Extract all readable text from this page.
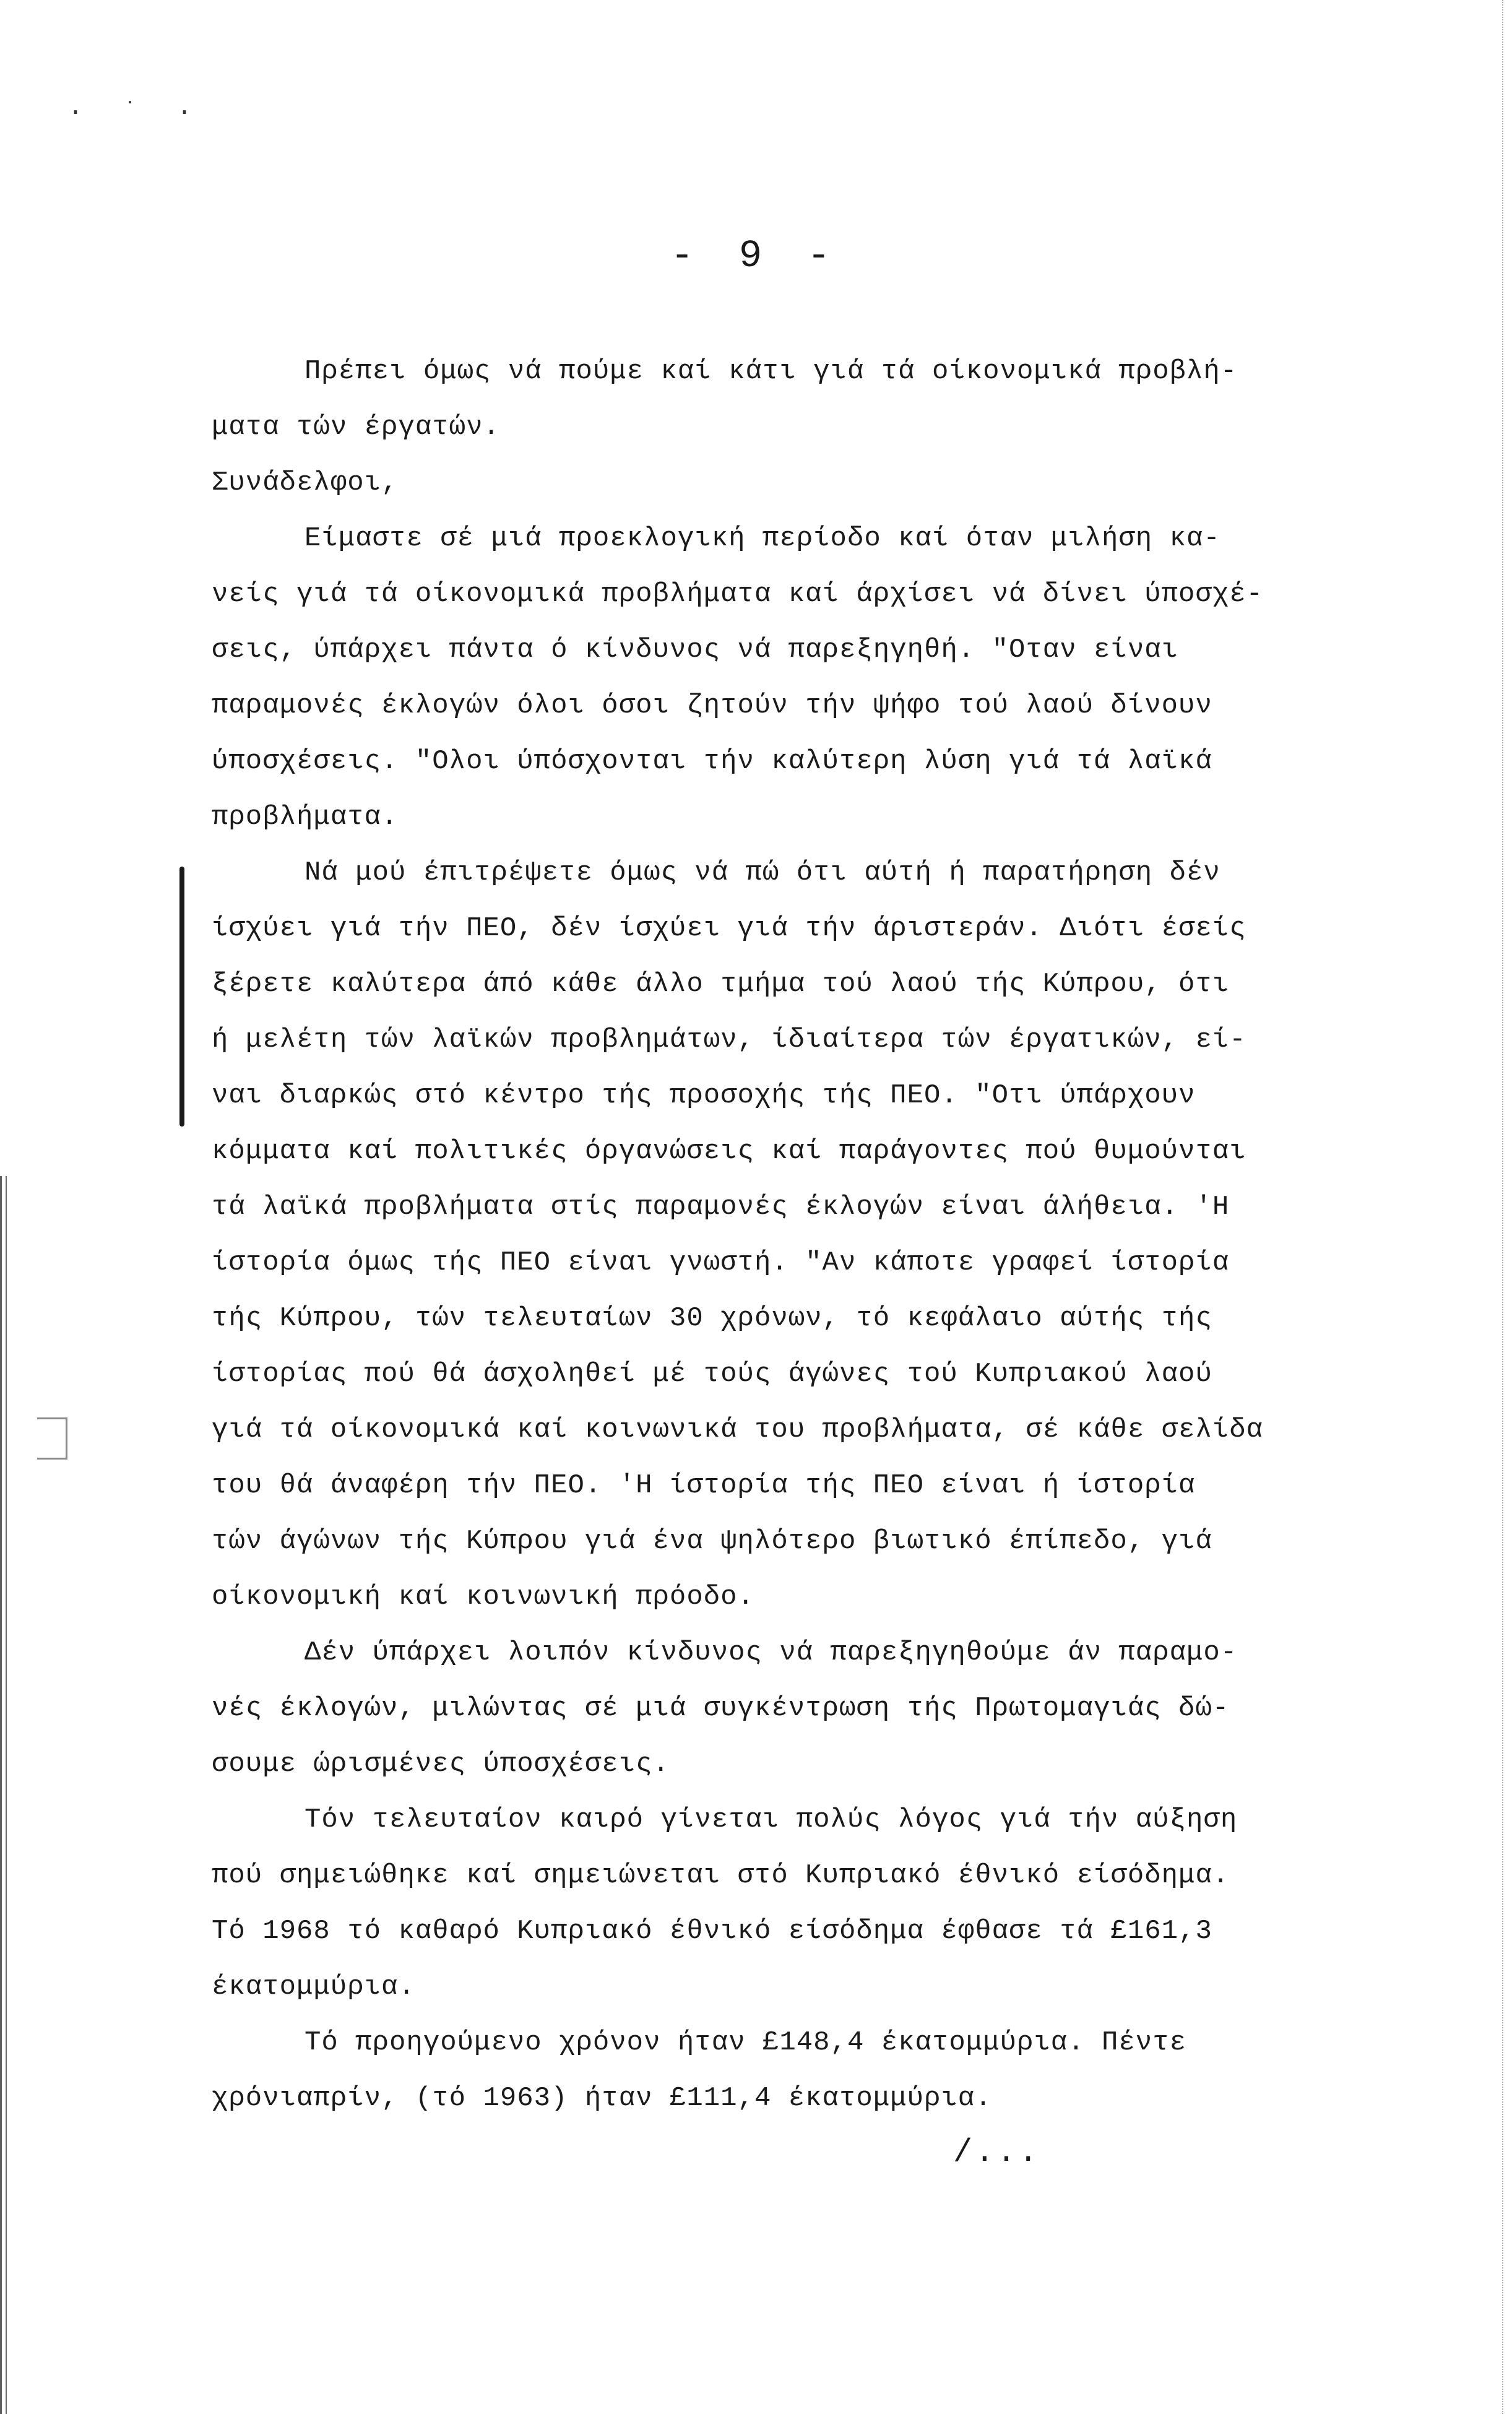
· ˙ ·
- 9 -
Πρέπει όμως νά πούμε καί κάτι γιά τά οίκονομικά προβλή-
ματα τών έργατών.
Συνάδελφοι,
Είμαστε σέ μιά προεκλογική περίοδο καί όταν μιλήση κα-
νείς γιά τά οίκονομικά προβλήματα καί άρχίσει νά δίνει ύποσχέ-
σεις, ύπάρχει πάντα ό κίνδυνος νά παρεξηγηθή. "Οταν είναι
παραμονές έκλογών όλοι όσοι ζητούν τήν ψήφο τού λαού δίνουν
ύποσχέσεις. "Ολοι ύπόσχονται τήν καλύτερη λύση γιά τά λαϊκά
προβλήματα.
Νά μού έπιτρέψετε όμως νά πώ ότι αύτή ή παρατήρηση δέν
ίσχύει γιά τήν ΠΕΟ, δέν ίσχύει γιά τήν άριστεράν. Διότι έσείς
ξέρετε καλύτερα άπό κάθε άλλο τμήμα τού λαού τής Κύπρου, ότι
ή μελέτη τών λαϊκών προβλημάτων, ίδιαίτερα τών έργατικών, εί-
ναι διαρκώς στό κέντρο τής προσοχής τής ΠΕΟ. "Οτι ύπάρχουν
κόμματα καί πολιτικές όργανώσεις καί παράγοντες πού θυμούνται
τά λαϊκά προβλήματα στίς παραμονές έκλογών είναι άλήθεια. 'Η
ίστορία όμως τής ΠΕΟ είναι γνωστή. "Αν κάποτε γραφεί ίστορία
τής Κύπρου, τών τελευταίων 30 χρόνων, τό κεφάλαιο αύτής τής
ίστορίας πού θά άσχοληθεί μέ τούς άγώνες τού Κυπριακού λαού
γιά τά οίκονομικά καί κοινωνικά του προβλήματα, σέ κάθε σελίδα
του θά άναφέρη τήν ΠΕΟ. 'Η ίστορία τής ΠΕΟ είναι ή ίστορία
τών άγώνων τής Κύπρου γιά ένα ψηλότερο βιωτικό έπίπεδο, γιά
οίκονομική καί κοινωνική πρόοδο.
Δέν ύπάρχει λοιπόν κίνδυνος νά παρεξηγηθούμε άν παραμο-
νές έκλογών, μιλώντας σέ μιά συγκέντρωση τής Πρωτομαγιάς δώ-
σουμε ώρισμένες ύποσχέσεις.
Τόν τελευταίον καιρό γίνεται πολύς λόγος γιά τήν αύξηση
πού σημειώθηκε καί σημειώνεται στό Κυπριακό έθνικό είσόδημα.
Τό 1968 τό καθαρό Κυπριακό έθνικό είσόδημα έφθασε τά £161,3
έκατομμύρια.
Τό προηγούμενο χρόνον ήταν £148,4 έκατομμύρια. Πέντε
χρόνιαπρίν, (τό 1963) ήταν £111,4 έκατομμύρια.
/...
